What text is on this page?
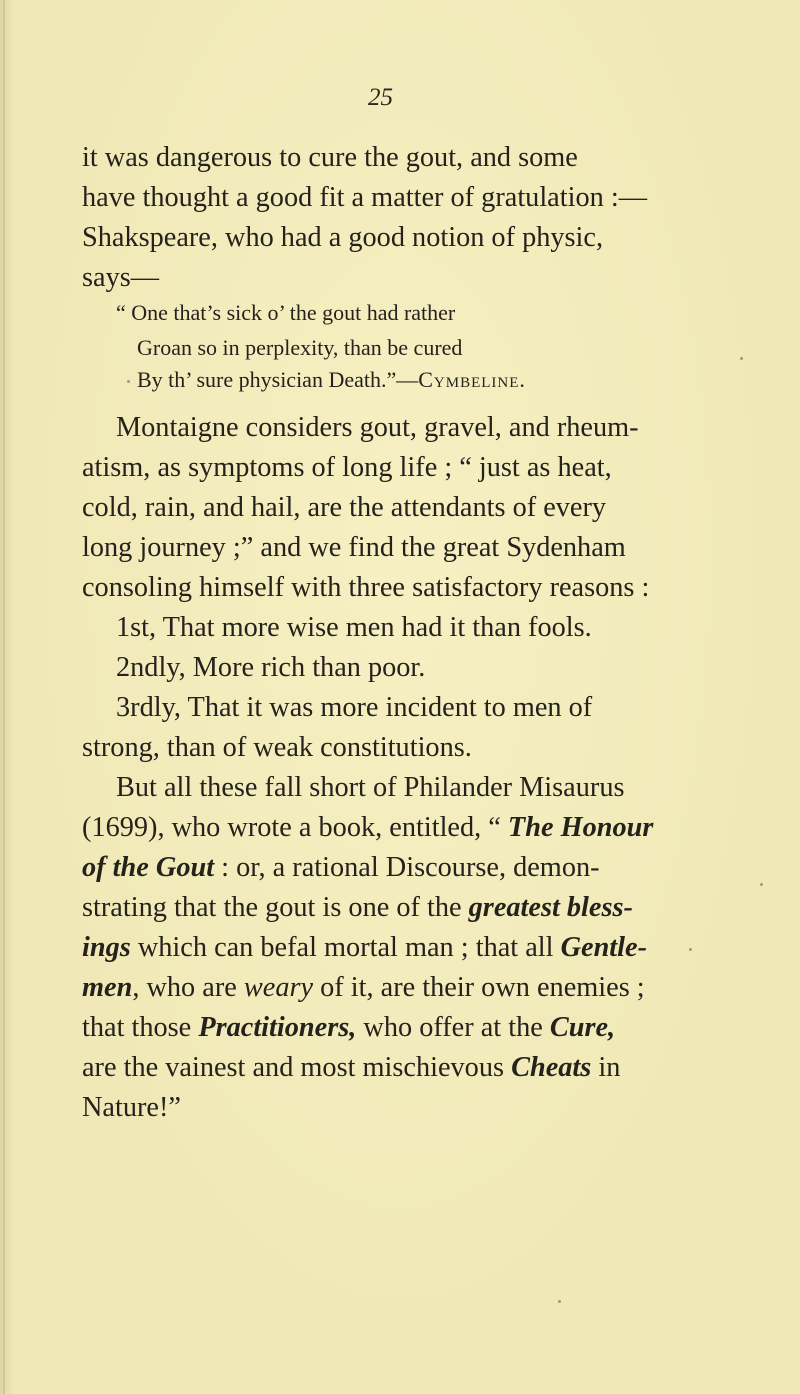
25
it was dangerous to cure the gout, and some
have thought a good fit a matter of gratulation :—
Shakspeare, who had a good notion of physic,
says—
“ One that’s sick o’ the gout had rather
Groan so in perplexity, than be cured
By th’ sure physician Death.”—Cymbeline.
Montaigne considers gout, gravel, and rheum-
atism, as symptoms of long life ; “ just as heat,
cold, rain, and hail, are the attendants of every
long journey ;” and we find the great Sydenham
consoling himself with three satisfactory reasons :
1st, That more wise men had it than fools.
2ndly, More rich than poor.
3rdly, That it was more incident to men of
strong, than of weak constitutions.
But all these fall short of Philander Misaurus
(1699), who wrote a book, entitled, “ The Honour
of the Gout : or, a rational Discourse, demon-
strating that the gout is one of the greatest bless-
ings which can befal mortal man ; that all Gentle-
men, who are weary of it, are their own enemies ;
that those Practitioners, who offer at the Cure,
are the vainest and most mischievous Cheats in
Nature!”
